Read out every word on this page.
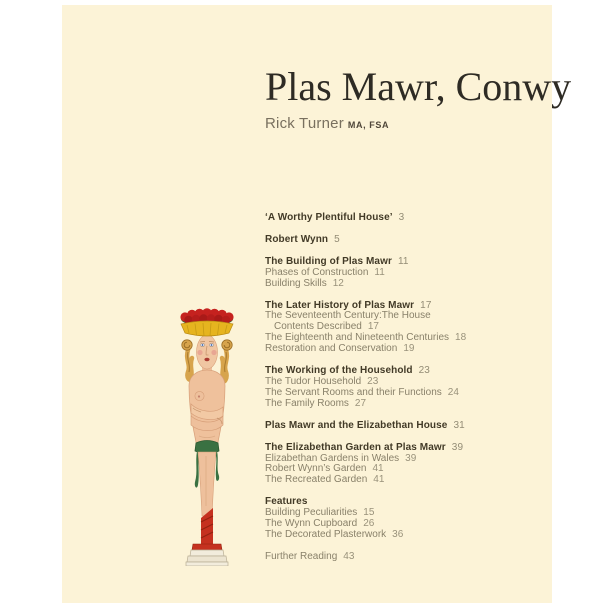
Plas Mawr, Conwy
Rick Turner MA, FSA
‘A Worthy Plentiful House’ 3
Robert Wynn 5
The Building of Plas Mawr 11
Phases of Construction 11
Building Skills 12
The Later History of Plas Mawr 17
The Seventeenth Century:The House
Contents Described 17
The Eighteenth and Nineteenth Centuries 18
Restoration and Conservation 19
The Working of the Household 23
The Tudor Household 23
The Servant Rooms and their Functions 24
The Family Rooms 27
Plas Mawr and the Elizabethan House 31
The Elizabethan Garden at Plas Mawr 39
Elizabethan Gardens in Wales 39
Robert Wynn’s Garden 41
The Recreated Garden 41
Features
Building Peculiarities 15
The Wynn Cupboard 26
The Decorated Plasterwork 36
Further Reading 43
